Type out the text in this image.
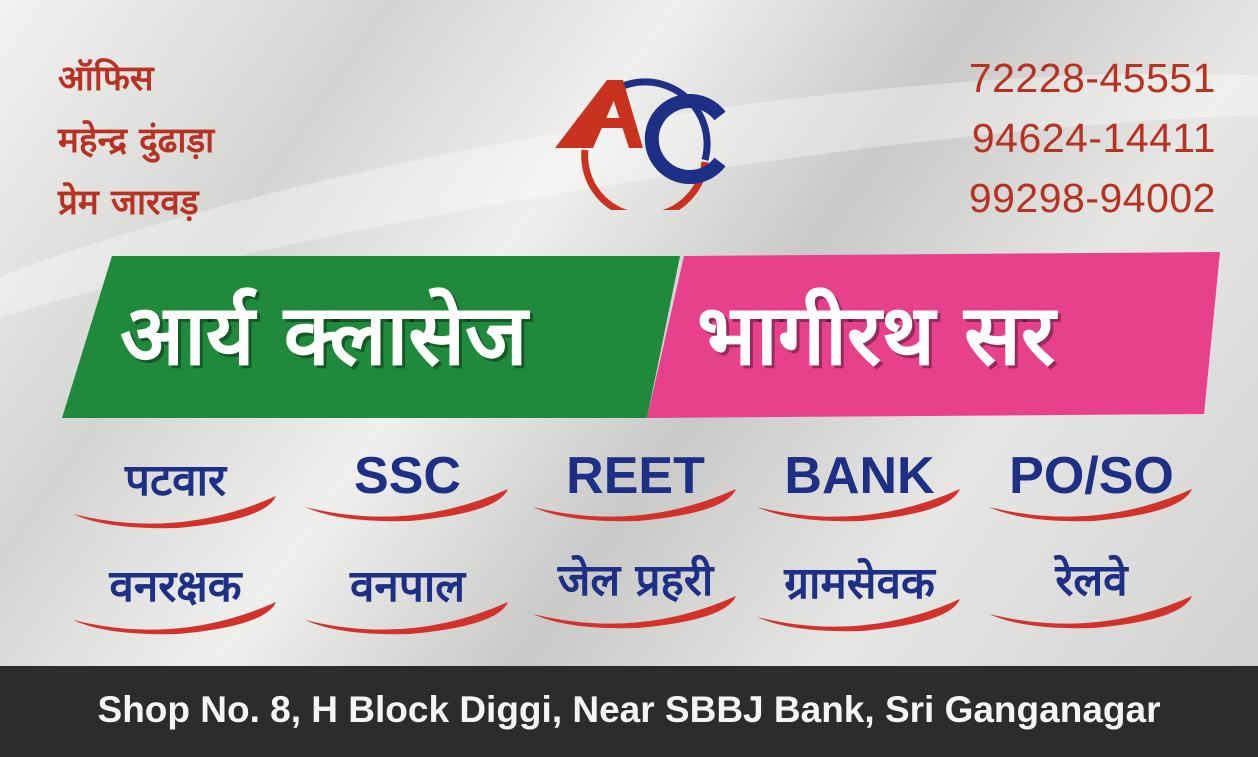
ऑफिस
महेन्द्र दुंढाड़ा
प्रेम जारवड़
72228-45551
94624-14411
99298-94002
आर्य क्लासेज भागीरथ सर
पटवार	SSC	REET	BANK	PO/SO
वनरक्षक	वनपाल	जेल प्रहरी	ग्रामसेवक	रेलवे
Shop No. 8, H Block Diggi, Near SBBJ Bank, Sri Ganganagar
